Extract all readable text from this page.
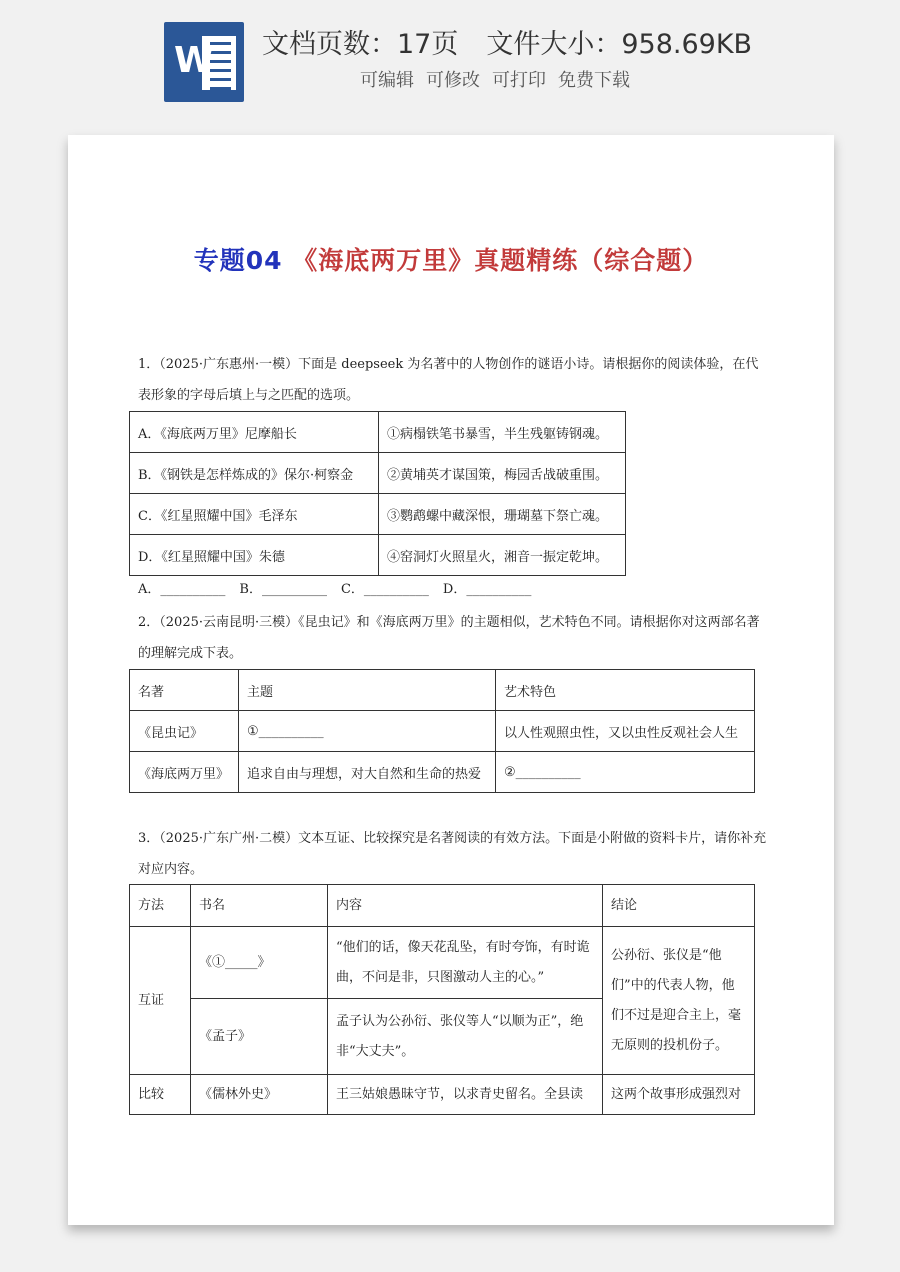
W 文档页数：17页 文件大小：958.69KB
可编辑 可修改 可打印 免费下载
专题04 《海底两万里》真题精练（综合题）
1．（2025·广东惠州·一模）下面是 deepseek 为名著中的人物创作的谜语小诗。请根据你的阅读体验，在代表形象的字母后填上与之匹配的选项。
A．《海底两万里》尼摩船长	①病榻铁笔书暴雪，半生残躯铸钢魂。
B．《钢铁是怎样炼成的》保尔·柯察金	②黄埔英才谋国策，梅园舌战破重围。
C．《红星照耀中国》毛泽东	③鹦鹉螺中藏深恨，珊瑚墓下祭亡魂。
D．《红星照耀中国》朱德	④窑洞灯火照星火，湘音一振定乾坤。
A．__________ B．__________ C．__________ D．__________
2．（2025·云南昆明·三模）《昆虫记》和《海底两万里》的主题相似，艺术特色不同。请根据你对这两部名著的理解完成下表。
名著	主题	艺术特色
《昆虫记》	①__________	以人性观照虫性，又以虫性反观社会人生
《海底两万里》	追求自由与理想，对大自然和生命的热爱	②__________
3．（2025·广东广州·二模）文本互证、比较探究是名著阅读的有效方法。下面是小附做的资料卡片，请你补充对应内容。
方法	书名	内容	结论
互证	《①_____》	“他们的话，像天花乱坠，有时夸饰，有时诡曲，不问是非，只图激动人主的心。”	公孙衍、张仪是“他们”中的代表人物，他们不过是迎合主上，毫无原则的投机份子。
	《孟子》	孟子认为公孙衍、张仪等人“以顺为正”，绝非“大丈夫”。	
比较	《儒林外史》	王三姑娘愚昧守节，以求青史留名。全县读	这两个故事形成强烈对
